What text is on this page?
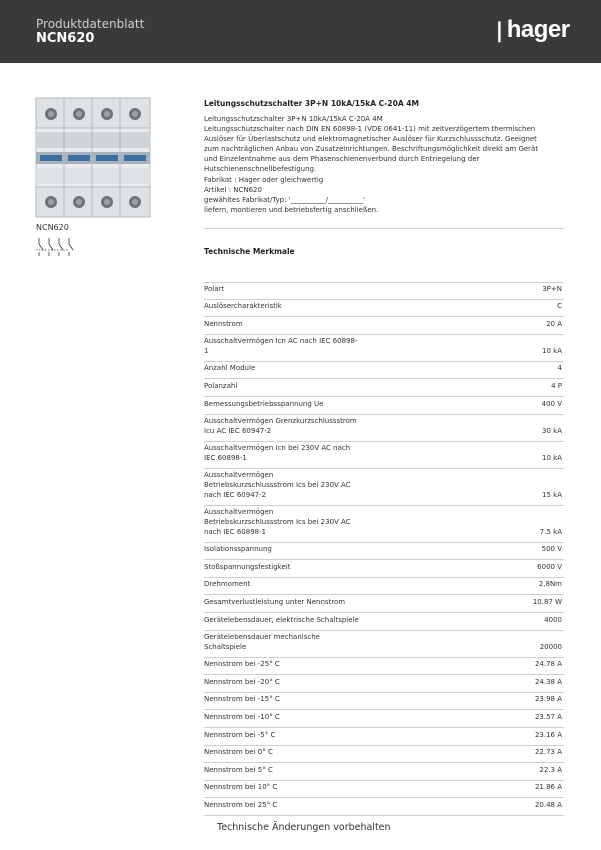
Produktdatenblatt
NCN620	❘hager
NCN620
Leitungsschutzschalter 3P+N 10kA/15kA C-20A 4M
Leitungsschutzschalter 3P+N 10kA/15kA C-20A 4M
Leitungsschutzschalter nach DIN EN 60898-1 (VDE 0641-11) mit zeitverzögertem thermischen
Auslöser für Überlastschutz und elektromagnetischer Auslöser für Kurzschlussschutz. Geeignet
zum nachträglichen Anbau von Zusatzeinrichtungen. Beschriftungsmöglichkeit direkt am Gerät
und Einzelentnahme aus dem Phasenschienenverbund durch Entriegelung der
Hutschienenschnellbefestigung.
Fabrikat : Hager oder gleichwertig
Artikel : NCN620
gewähltes Fabrikat/Typ: '__________/__________'
liefern, montieren und betriebsfertig anschließen.
Technische Merkmale
Polart	3P+N
Auslösercharakteristik	C
Nennstrom	20 A
Ausschaltvermögen Icn AC nach IEC 60898-
1	10 kA
Anzahl Module	4
Polanzahl	4 P
Bemessungsbetriebsspannung Ue	400 V
Ausschaltvermögen Grenzkurzschlussstrom
Icu AC IEC 60947-2	30 kA
Ausschaltvermögen Icn bei 230V AC nach
IEC 60898-1	10 kA
Ausschaltvermögen
Betriebskurzschlussstrom Ics bei 230V AC
nach IEC 60947-2	15 kA
Ausschaltvermögen
Betriebskurzschlussstrom Ics bei 230V AC
nach IEC 60898-1	7.5 kA
Isolationsspannung	500 V
Stoßspannungsfestigkeit	6000 V
Drehmoment	2,8Nm
Gesamtverlustleistung unter Nennstrom	10.87 W
Gerätelebensdauer, elektrische Schaltspiele	4000
Gerätelebensdauer mechanische
Schaltspiele	20000
Nennstrom bei -25° C	24.78 A
Nennstrom bei -20° C	24.38 A
Nennstrom bei -15° C	23.98 A
Nennstrom bei -10° C	23.57 A
Nennstrom bei -5° C	23.16 A
Nennstrom bei 0° C	22.73 A
Nennstrom bei 5° C	22.3 A
Nennstrom bei 10° C	21.86 A
Nennstrom bei 25° C	20.48 A
Technische Änderungen vorbehalten
